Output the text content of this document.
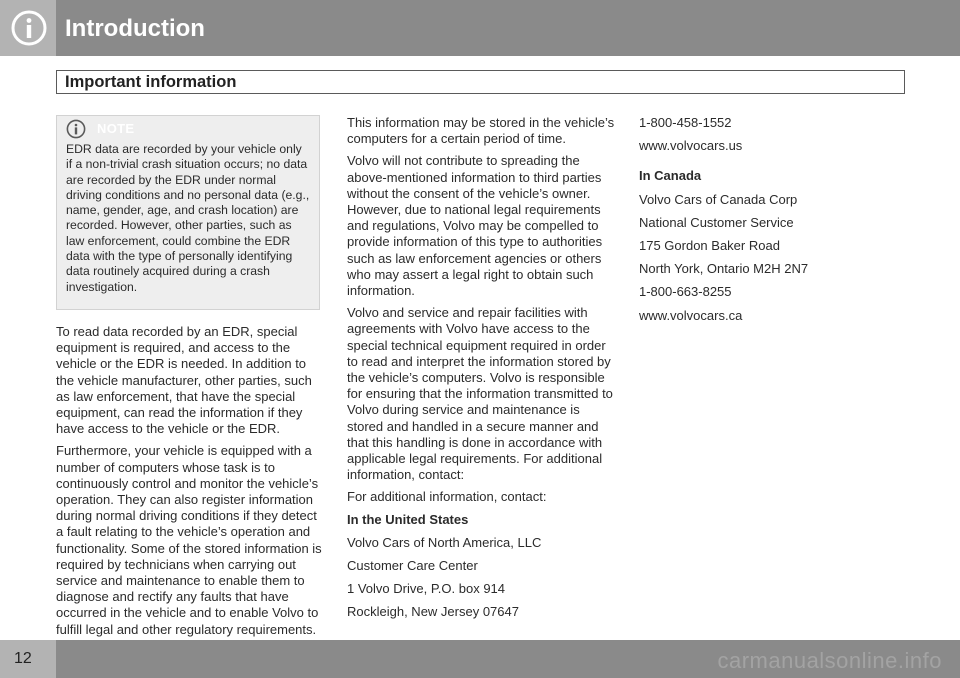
Introduction
Important information
NOTE

EDR data are recorded by your vehicle only if a non-trivial crash situation occurs; no data are recorded by the EDR under normal driving conditions and no personal data (e.g., name, gender, age, and crash location) are recorded. However, other parties, such as law enforcement, could combine the EDR data with the type of personally identifying data routinely acquired during a crash investigation.

To read data recorded by an EDR, special equipment is required, and access to the vehicle or the EDR is needed. In addition to the vehicle manufacturer, other parties, such as law enforcement, that have the special equipment, can read the information if they have access to the vehicle or the EDR.

Furthermore, your vehicle is equipped with a number of computers whose task is to continuously control and monitor the vehicle’s operation. They can also register information during normal driving conditions if they detect a fault relating to the vehicle’s operation and functionality. Some of the stored information is required by technicians when carrying out service and maintenance to enable them to diagnose and rectify any faults that have occurred in the vehicle and to enable Volvo to fulfill legal and other regulatory requirements.

This information may be stored in the vehicle’s computers for a certain period of time.

Volvo will not contribute to spreading the above-mentioned information to third parties without the consent of the vehicle’s owner. However, due to national legal requirements and regulations, Volvo may be compelled to provide information of this type to authorities such as law enforcement agencies or others who may assert a legal right to obtain such information.

Volvo and service and repair facilities with agreements with Volvo have access to the special technical equipment required in order to read and interpret the information stored by the vehicle’s computers. Volvo is responsible for ensuring that the information transmitted to Volvo during service and maintenance is stored and handled in a secure manner and that this handling is done in accordance with applicable legal requirements. For additional information, contact:

For additional information, contact:

In the United States

Volvo Cars of North America, LLC

Customer Care Center

1 Volvo Drive, P.O. box 914

Rockleigh, New Jersey 07647

1-800-458-1552

www.volvocars.us

In Canada

Volvo Cars of Canada Corp

National Customer Service

175 Gordon Baker Road

North York, Ontario M2H 2N7

1-800-663-8255

www.volvocars.ca

12	carmanualsonline.info
